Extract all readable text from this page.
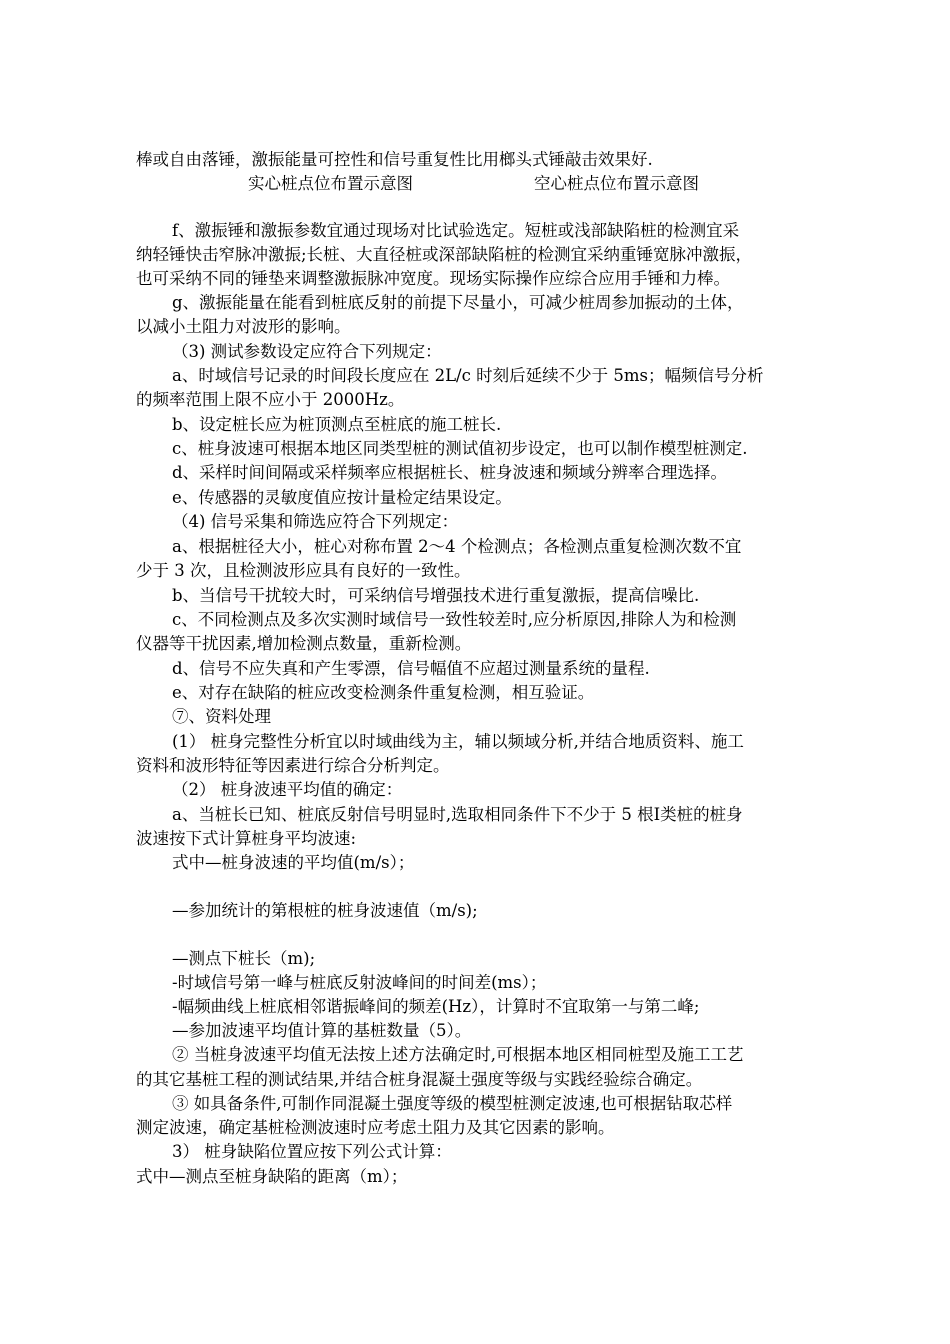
棒或自由落锤，激振能量可控性和信号重复性比用榔头式锤敲击效果好.
实心桩点位布置示意图	空心桩点位布置示意图
f、激振锤和激振参数宜通过现场对比试验选定。短桩或浅部缺陷桩的检测宜采
纳轻锤快击窄脉冲激振;长桩、大直径桩或深部缺陷桩的检测宜采纳重锤宽脉冲激振，
也可采纳不同的锤垫来调整激振脉冲宽度。现场实际操作应综合应用手锤和力棒。
g、激振能量在能看到桩底反射的前提下尽量小，可减少桩周参加振动的土体，
以减小土阻力对波形的影响。
（3) 测试参数设定应符合下列规定：
a、时域信号记录的时间段长度应在 2L/c 时刻后延续不少于 5ms；幅频信号分析
的频率范围上限不应小于 2000Hz。
b、设定桩长应为桩顶测点至桩底的施工桩长.
c、桩身波速可根据本地区同类型桩的测试值初步设定，也可以制作模型桩测定.
d、采样时间间隔或采样频率应根据桩长、桩身波速和频域分辨率合理选择。
e、传感器的灵敏度值应按计量检定结果设定。
（4) 信号采集和筛选应符合下列规定：
a、根据桩径大小，桩心对称布置 2～4 个检测点；各检测点重复检测次数不宜
少于 3 次，且检测波形应具有良好的一致性。
b、当信号干扰较大时，可采纳信号增强技术进行重复激振，提高信噪比.
c、不同检测点及多次实测时域信号一致性较差时,应分析原因,排除人为和检测
仪器等干扰因素,增加检测点数量，重新检测。
d、信号不应失真和产生零漂，信号幅值不应超过测量系统的量程.
e、对存在缺陷的桩应改变检测条件重复检测，相互验证。
⑦、资料处理
(1） 桩身完整性分析宜以时域曲线为主，辅以频域分析,并结合地质资料、施工
资料和波形特征等因素进行综合分析判定。
（2） 桩身波速平均值的确定：
a、当桩长已知、桩底反射信号明显时,选取相同条件下不少于 5 根Ⅰ类桩的桩身
波速按下式计算桩身平均波速:
式中—桩身波速的平均值(m/s）；
—参加统计的第根桩的桩身波速值（m/s);
—测点下桩长（m);
-时域信号第一峰与桩底反射波峰间的时间差(ms）；
-幅频曲线上桩底相邻谐振峰间的频差(Hz），计算时不宜取第一与第二峰;
—参加波速平均值计算的基桩数量（5）。
② 当桩身波速平均值无法按上述方法确定时,可根据本地区相同桩型及施工工艺
的其它基桩工程的测试结果,并结合桩身混凝土强度等级与实践经验综合确定。
③ 如具备条件,可制作同混凝土强度等级的模型桩测定波速,也可根据钻取芯样
测定波速，确定基桩检测波速时应考虑土阻力及其它因素的影响。
3） 桩身缺陷位置应按下列公式计算：
式中—测点至桩身缺陷的距离（m）；
